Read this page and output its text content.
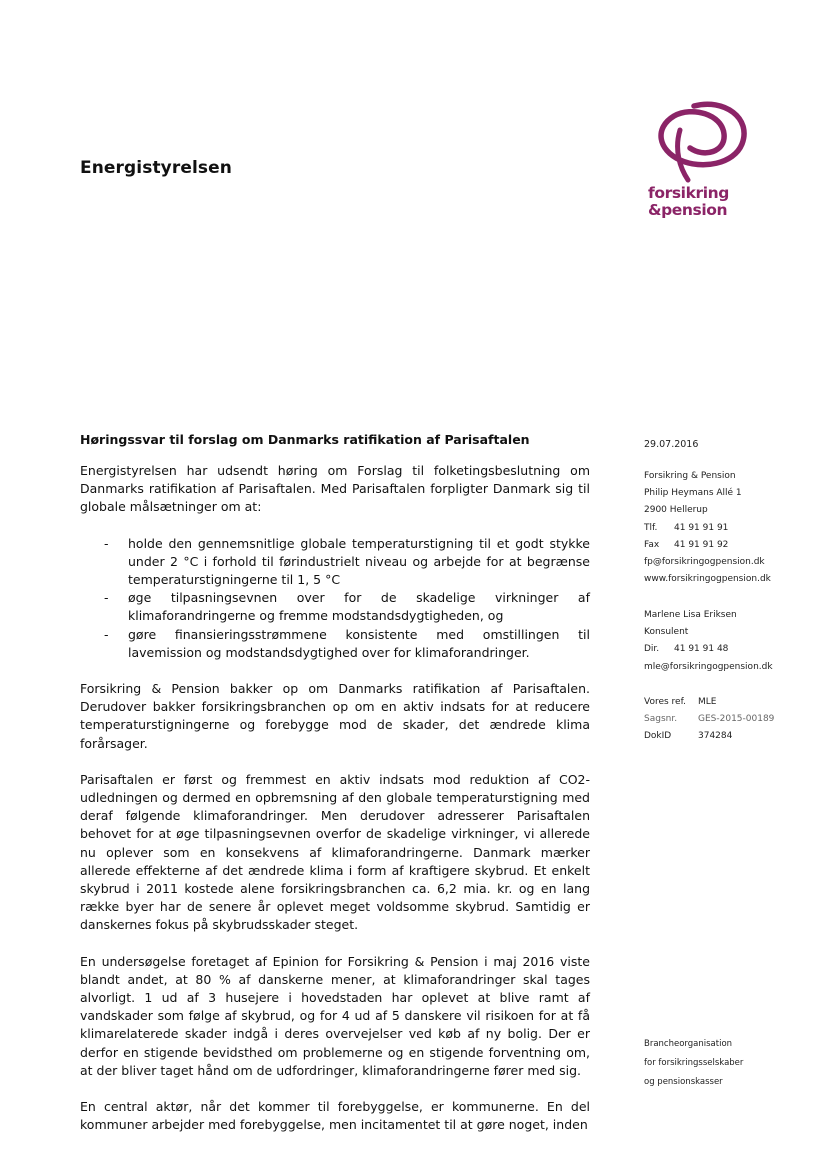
Energistyrelsen
forsikring
&pension
Høringssvar til forslag om Danmarks ratifikation af Parisaftalen

Energistyrelsen har udsendt høring om Forslag til folketingsbeslutning om Danmarks ratifikation af Parisaftalen. Med Parisaftalen forpligter Danmark sig til globale målsætninger om at:

- holde den gennemsnitlige globale temperaturstigning til et godt stykke under 2 °C i forhold til førindustrielt niveau og arbejde for at begrænse temperaturstigningerne til 1, 5 °C
- øge tilpasningsevnen over for de skadelige virkninger af klimaforandringerne og fremme modstandsdygtigheden, og
- gøre finansieringsstrømmene konsistente med omstillingen til lavemission og modstandsdygtighed over for klimaforandringer.

Forsikring & Pension bakker op om Danmarks ratifikation af Parisaftalen. Derudover bakker forsikringsbranchen op om en aktiv indsats for at reducere temperaturstigningerne og forebygge mod de skader, det ændrede klima forårsager.

Parisaftalen er først og fremmest en aktiv indsats mod reduktion af CO2-udledningen og dermed en opbremsning af den globale temperaturstigning med deraf følgende klimaforandringer. Men derudover adresserer Parisaftalen behovet for at øge tilpasningsevnen overfor de skadelige virkninger, vi allerede nu oplever som en konsekvens af klimaforandringerne. Danmark mærker allerede effekterne af det ændrede klima i form af kraftigere skybrud. Et enkelt skybrud i 2011 kostede alene forsikringsbranchen ca. 6,2 mia. kr. og en lang række byer har de senere år oplevet meget voldsomme skybrud. Samtidig er danskernes fokus på skybrudsskader steget.

En undersøgelse foretaget af Epinion for Forsikring & Pension i maj 2016 viste blandt andet, at 80 % af danskerne mener, at klimaforandringer skal tages alvorligt. 1 ud af 3 husejere i hovedstaden har oplevet at blive ramt af vandskader som følge af skybrud, og for 4 ud af 5 danskere vil risikoen for at få klimarelaterede skader indgå i deres overvejelser ved køb af ny bolig. Der er derfor en stigende bevidsthed om problemerne og en stigende forventning om, at der bliver taget hånd om de udfordringer, klimaforandringerne fører med sig.

En central aktør, når det kommer til forebyggelse, er kommunerne. En del kommuner arbejder med forebyggelse, men incitamentet til at gøre noget, inden

29.07.2016
Forsikring & Pension
Philip Heymans Allé 1
2900 Hellerup
Tlf. 41 91 91 91
Fax 41 91 91 92
fp@forsikringogpension.dk
www.forsikringogpension.dk
Marlene Lisa Eriksen
Konsulent
Dir. 41 91 91 48
mle@forsikringogpension.dk
Vores ref. MLE
Sagsnr. GES-2015-00189
DokID	374284
Brancheorganisation
for forsikringsselskaber
og pensionskasser
